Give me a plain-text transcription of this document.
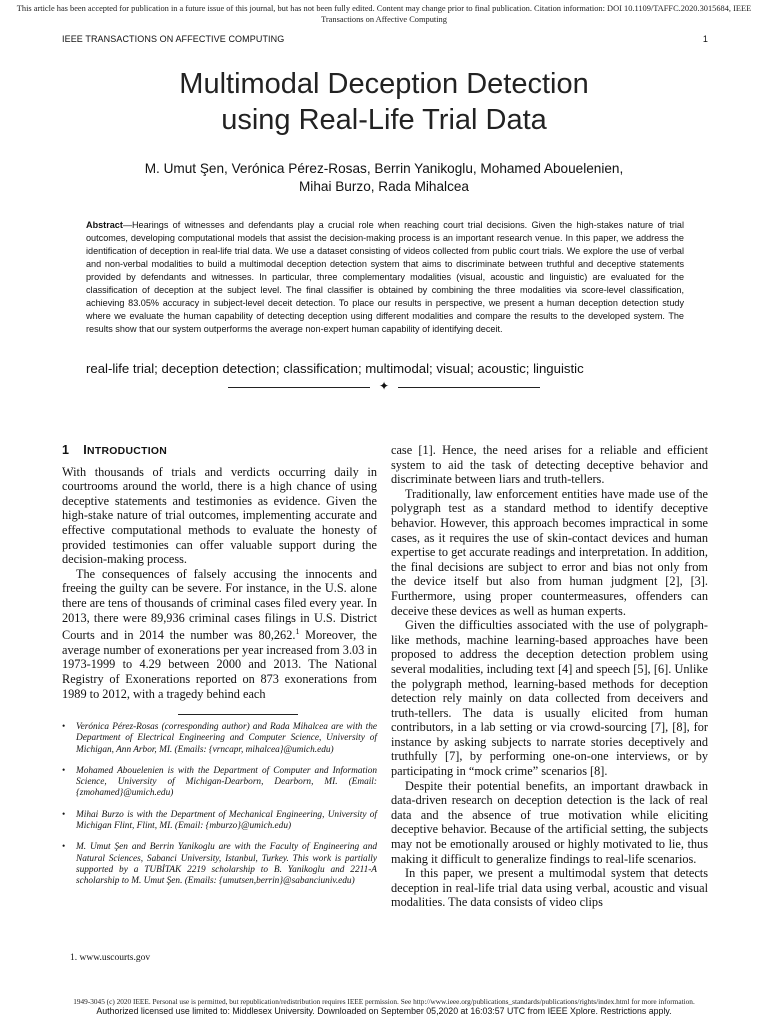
This article has been accepted for publication in a future issue of this journal, but has not been fully edited. Content may change prior to final publication. Citation information: DOI 10.1109/TAFFC.2020.3015684, IEEE
Transactions on Affective Computing
IEEE TRANSACTIONS ON AFFECTIVE COMPUTING	1
Multimodal Deception Detection
using Real-Life Trial Data
M. Umut Şen, Verónica Pérez-Rosas, Berrin Yanikoglu, Mohamed Abouelenien,
Mihai Burzo, Rada Mihalcea
Abstract—Hearings of witnesses and defendants play a crucial role when reaching court trial decisions. Given the high-stakes nature of trial outcomes, developing computational models that assist the decision-making process is an important research venue. In this paper, we address the identification of deception in real-life trial data. We use a dataset consisting of videos collected from public court trials. We explore the use of verbal and non-verbal modalities to build a multimodal deception detection system that aims to discriminate between truthful and deceptive statements provided by defendants and witnesses. In particular, three complementary modalities (visual, acoustic and linguistic) are evaluated for the classification of deception at the subject level. The final classifier is obtained by combining the three modalities via score-level classification, achieving 83.05% accuracy in subject-level deceit detection. To place our results in perspective, we present a human deception detection study where we evaluate the human capability of detecting deception using different modalities and compare the results to the developed system. The results show that our system outperforms the average non-expert human capability of identifying deceit.
real-life trial; deception detection; classification; multimodal; visual; acoustic; linguistic
✦
1 INTRODUCTION

With thousands of trials and verdicts occurring daily in courtrooms around the world, there is a high chance of using deceptive statements and testimonies as evidence. Given the high-stake nature of trial outcomes, implementing accurate and effective computational methods to evaluate the honesty of provided testimonies can offer valuable support during the decision-making process.

The consequences of falsely accusing the innocents and freeing the guilty can be severe. For instance, in the U.S. alone there are tens of thousands of criminal cases filed every year. In 2013, there were 89,936 criminal cases filings in U.S. District Courts and in 2014 the number was 80,262.$^1$ Moreover, the average number of exonerations per year increased from 3.03 in 1973-1999 to 4.29 between 2000 and 2013. The National Registry of Exonerations reported on 873 exonerations from 1989 to 2012, with a tragedy behind each

• Verónica Pérez-Rosas (corresponding author) and Rada Mihalcea are with the Department of Electrical Engineering and Computer Science, University of Michigan, Ann Arbor, MI. (Emails: {vrncapr, mihalcea}@umich.edu)
• Mohamed Abouelenien is with the Department of Computer and Information Science, University of Michigan-Dearborn, Dearborn, MI. (Email: {zmohamed}@umich.edu)
• Mihai Burzo is with the Department of Mechanical Engineering, University of Michigan Flint, Flint, MI. (Email: {mburzo}@umich.edu)
• M. Umut Şen and Berrin Yanikoglu are with the Faculty of Engineering and Natural Sciences, Sabanci University, Istanbul, Turkey. This work is partially supported by a TUBİTAK 2219 scholarship to B. Yanikoglu and 2211-A scholarship to M. Umut Şen. (Emails: {umutsen,berrin}@sabanciuniv.edu)
1. www.uscourts.gov

case [1]. Hence, the need arises for a reliable and efficient system to aid the task of detecting deceptive behavior and discriminate between liars and truth-tellers.

Traditionally, law enforcement entities have made use of the polygraph test as a standard method to identify deceptive behavior. However, this approach becomes impractical in some cases, as it requires the use of skin-contact devices and human expertise to get accurate readings and interpretation. In addition, the final decisions are subject to error and bias not only from the device itself but also from human judgment [2], [3]. Furthermore, using proper countermeasures, offenders can deceive these devices as well as human experts.

Given the difficulties associated with the use of polygraph-like methods, machine learning-based approaches have been proposed to address the deception detection problem using several modalities, including text [4] and speech [5], [6]. Unlike the polygraph method, learning-based methods for deception detection rely mainly on data collected from deceivers and truth-tellers. The data is usually elicited from human contributors, in a lab setting or via crowd-sourcing [7], [8], for instance by asking subjects to narrate stories deceptively and truthfully [7], by performing one-on-one interviews, or by participating in “mock crime” scenarios [8].

Despite their potential benefits, an important drawback in data-driven research on deception detection is the lack of real data and the absence of true motivation while eliciting deceptive behavior. Because of the artificial setting, the subjects may not be emotionally aroused or highly motivated to lie, thus making it difficult to generalize findings to real-life scenarios.

In this paper, we present a multimodal system that detects deception in real-life trial data using verbal, acoustic and visual modalities. The data consists of video clips

1949-3045 (c) 2020 IEEE. Personal use is permitted, but republication/redistribution requires IEEE permission. See http://www.ieee.org/publications_standards/publications/rights/index.html for more information.
Authorized licensed use limited to: Middlesex University. Downloaded on September 05,2020 at 16:03:57 UTC from IEEE Xplore. Restrictions apply.
